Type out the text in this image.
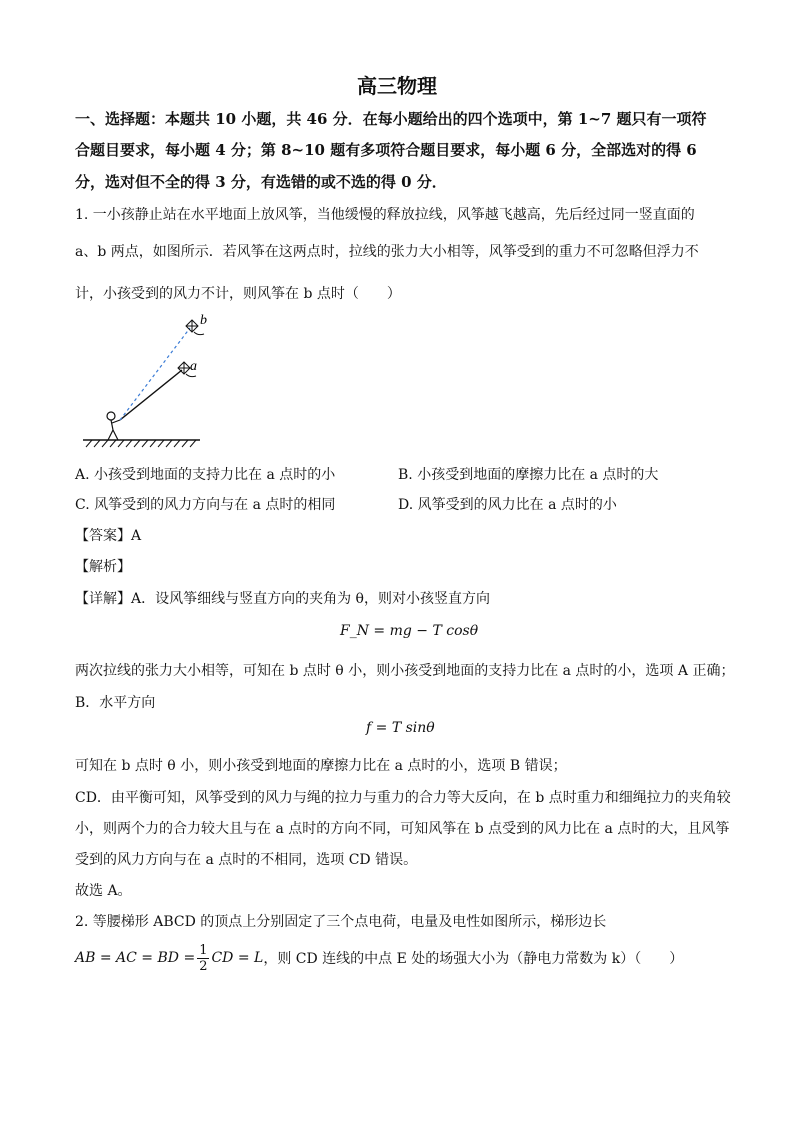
高三物理
一、选择题：本题共 10 小题，共 46 分．在每小题给出的四个选项中，第 1~7 题只有一项符
合题目要求，每小题 4 分；第 8~10 题有多项符合题目要求，每小题 6 分，全部选对的得 6
分，选对但不全的得 3 分，有选错的或不选的得 0 分．
1. 一小孩静止站在水平地面上放风筝，当他缓慢的释放拉线，风筝越飞越高，先后经过同一竖直面的
a、b 两点，如图所示．若风筝在这两点时，拉线的张力大小相等，风筝受到的重力不可忽略但浮力不
计，小孩受到的风力不计，则风筝在 b 点时（　　）
a
b
A. 小孩受到地面的支持力比在 a 点时的小	B. 小孩受到地面的摩擦力比在 a 点时的大
C. 风筝受到的风力方向与在 a 点时的相同	D. 风筝受到的风力比在 a 点时的小
【答案】A
【解析】
【详解】A．设风筝细线与竖直方向的夹角为 θ，则对小孩竖直方向
F_N = mg − T cosθ
两次拉线的张力大小相等，可知在 b 点时 θ 小，则小孩受到地面的支持力比在 a 点时的小，选项 A 正确；
B．水平方向
f = T sinθ
可知在 b 点时 θ 小，则小孩受到地面的摩擦力比在 a 点时的小，选项 B 错误；
CD．由平衡可知，风筝受到的风力与绳的拉力与重力的合力等大反向，在 b 点时重力和细绳拉力的夹角较
小，则两个力的合力较大且与在 a 点时的方向不同，可知风筝在 b 点受到的风力比在 a 点时的大，且风筝
受到的风力方向与在 a 点时的不相同，选项 CD 错误。
故选 A。
2. 等腰梯形 ABCD 的顶点上分别固定了三个点电荷，电量及电性如图所示，梯形边长
AB = AC = BD = $\frac{1}{2}$ CD = L ，则 CD 连线的中点 E 处的场强大小为（静电力常数为 k）（　　）
